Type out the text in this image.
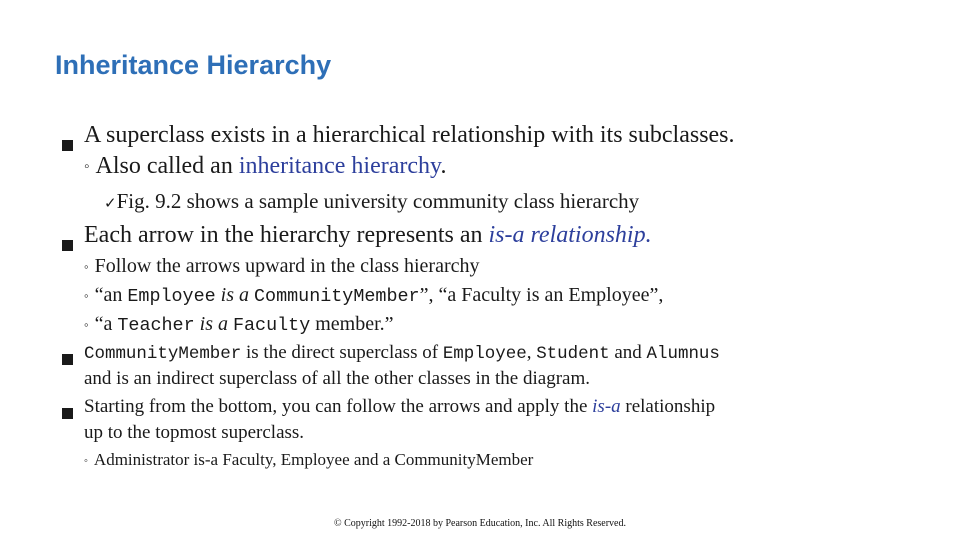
Inheritance Hierarchy
A superclass exists in a hierarchical relationship with its subclasses.
◦ Also called an inheritance hierarchy.
✓Fig. 9.2 shows a sample university community class hierarchy
Each arrow in the hierarchy represents an is-a relationship.
◦ Follow the arrows upward in the class hierarchy
◦ “an Employee is a CommunityMember”, “a Faculty is an Employee”,
◦ “a Teacher is a Faculty member.”
CommunityMember is the direct superclass of Employee, Student and Alumnus
and is an indirect superclass of all the other classes in the diagram.
Starting from the bottom, you can follow the arrows and apply the is-a relationship
up to the topmost superclass.
◦ Administrator is-a Faculty, Employee and a CommunityMember
© Copyright 1992-2018 by Pearson Education, Inc. All Rights Reserved.
